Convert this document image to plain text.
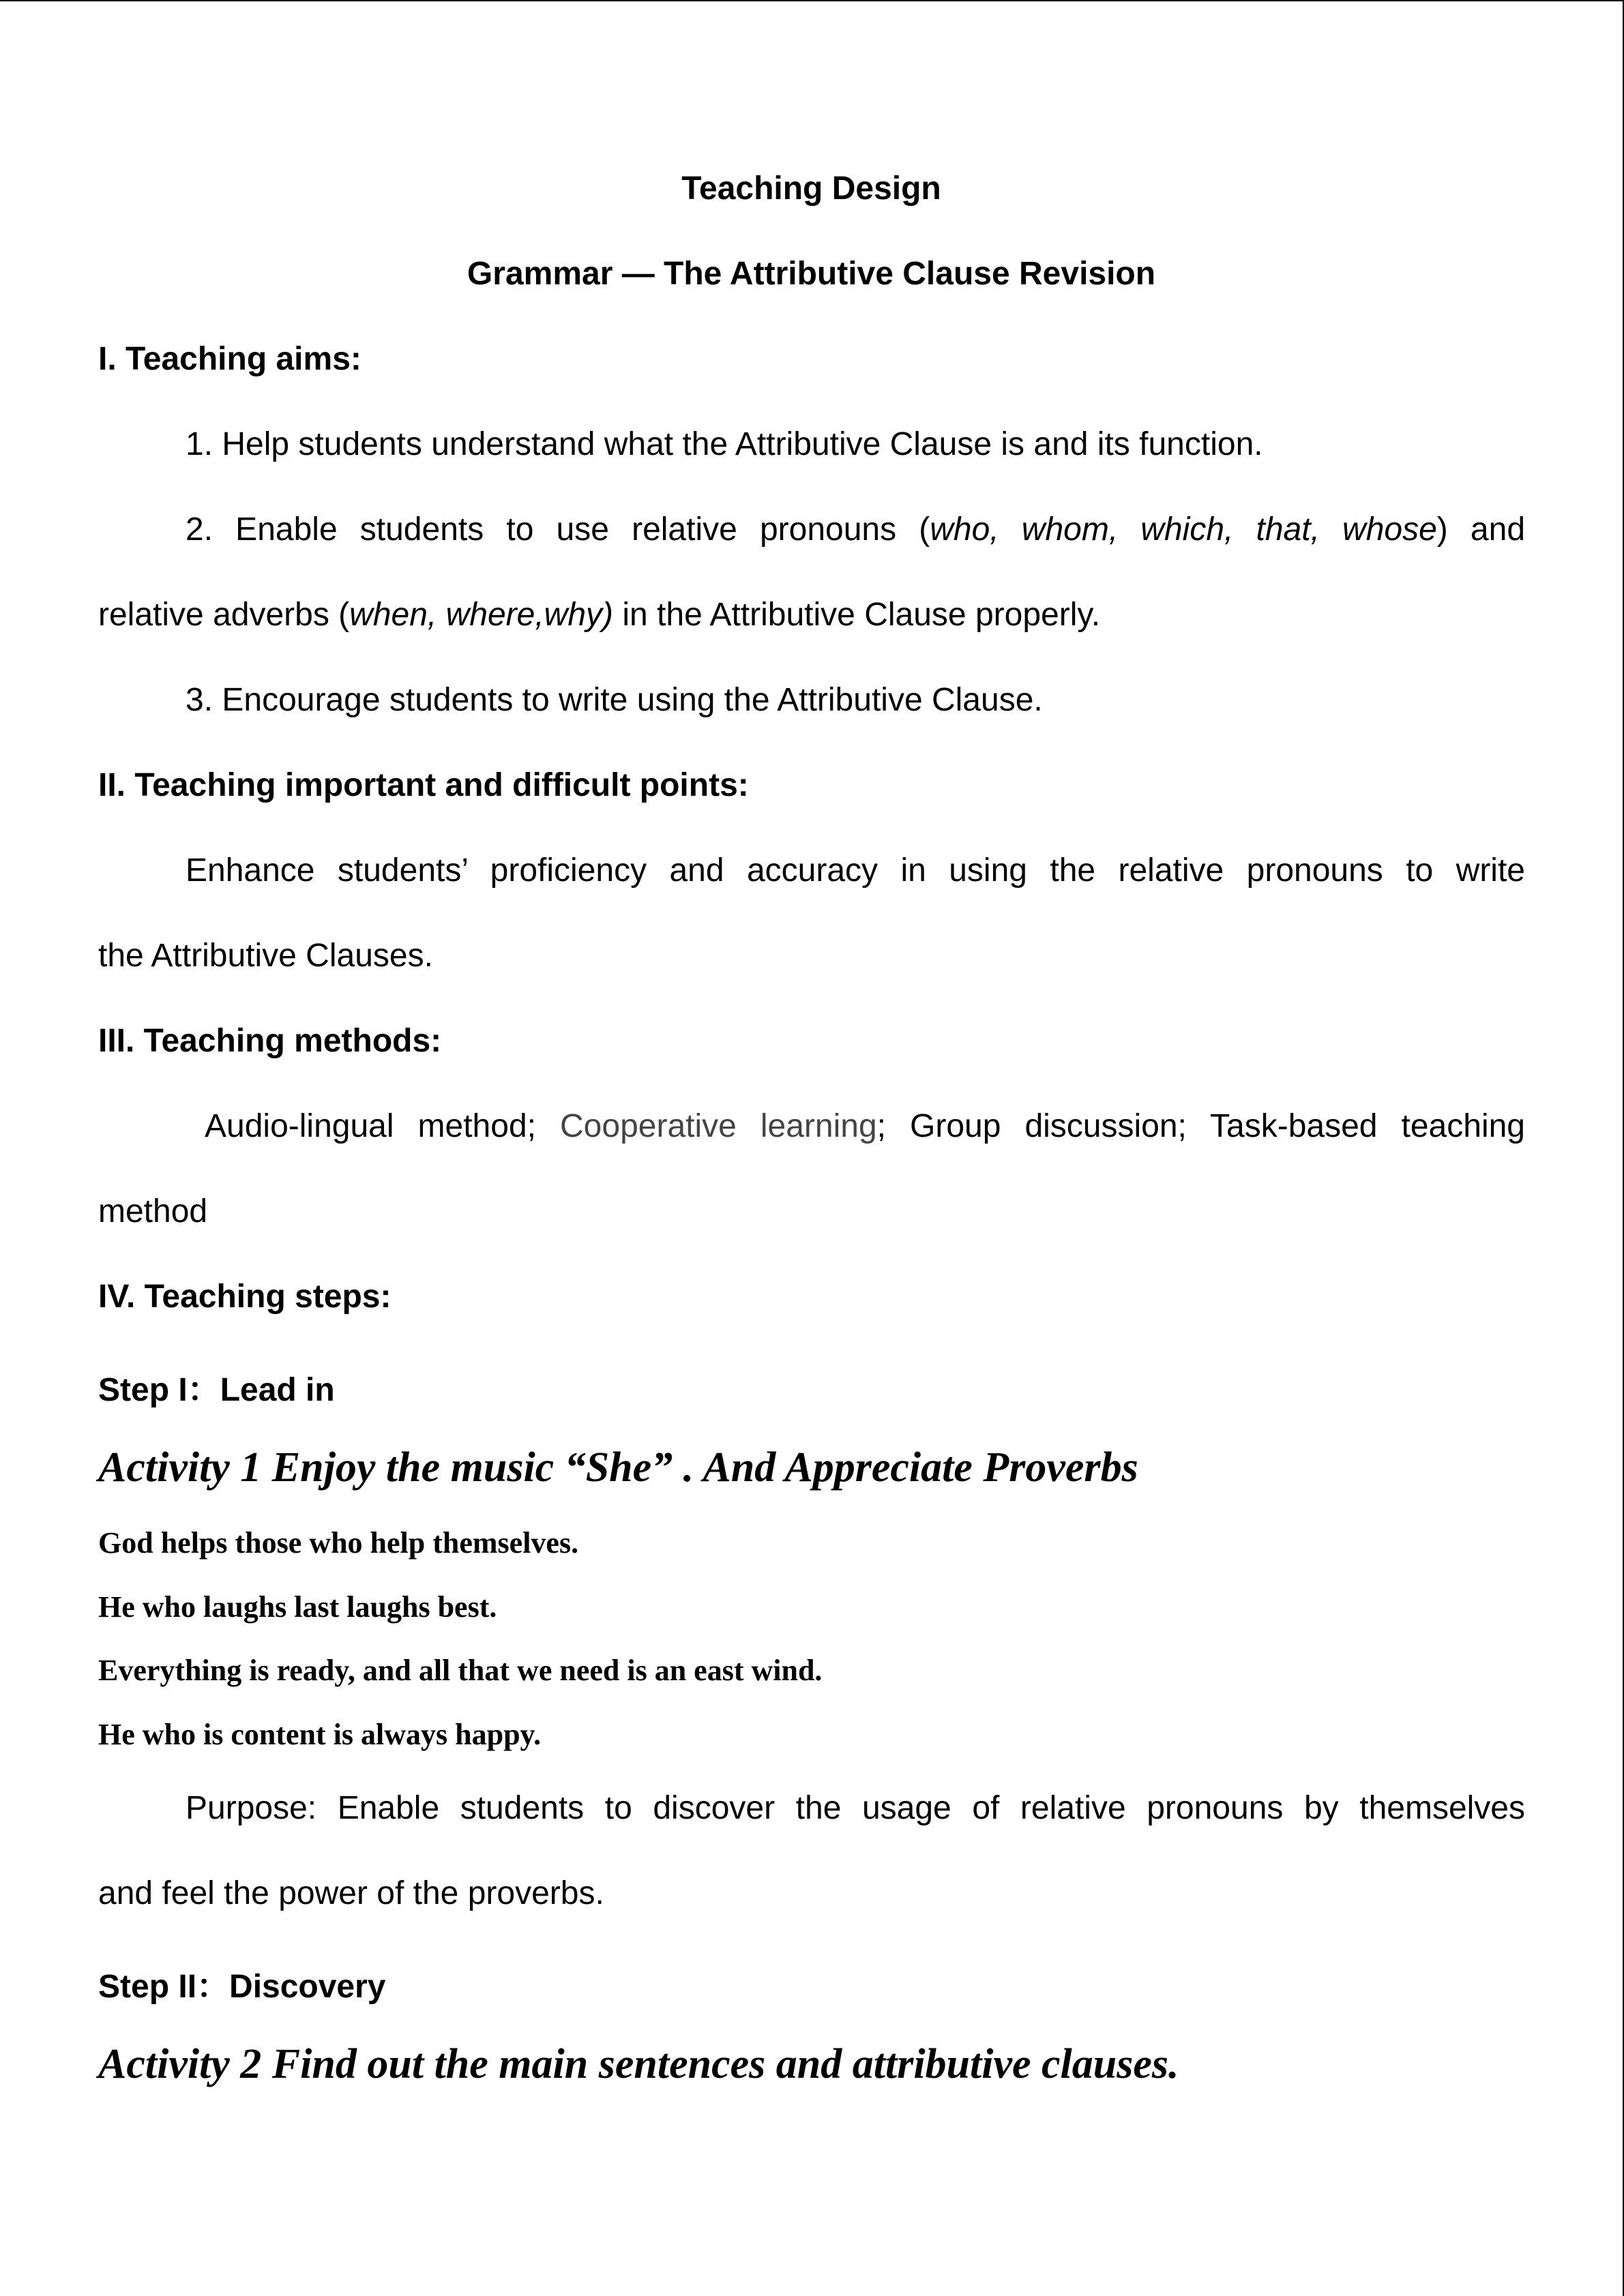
Teaching Design

Grammar — The Attributive Clause Revision

I. Teaching aims:

1. Help students understand what the Attributive Clause is and its function.

2. Enable students to use relative pronouns (who, whom, which, that, whose) and

relative adverbs (when, where,why) in the Attributive Clause properly.

3. Encourage students to write using the Attributive Clause.

II. Teaching important and difficult points:

Enhance students’ proficiency and accuracy in using the relative pronouns to write

the Attributive Clauses.

III. Teaching methods:

Audio-lingual method; Cooperative learning; Group discussion; Task-based teaching

method

IV. Teaching steps:

Step I：Lead in

Activity 1 Enjoy the music “She” . And Appreciate Proverbs

God helps those who help themselves.

He who laughs last laughs best.

Everything is ready, and all that we need is an east wind.

He who is content is always happy.

Purpose: Enable students to discover the usage of relative pronouns by themselves

and feel the power of the proverbs.

Step II：Discovery

Activity 2 Find out the main sentences and attributive clauses.
